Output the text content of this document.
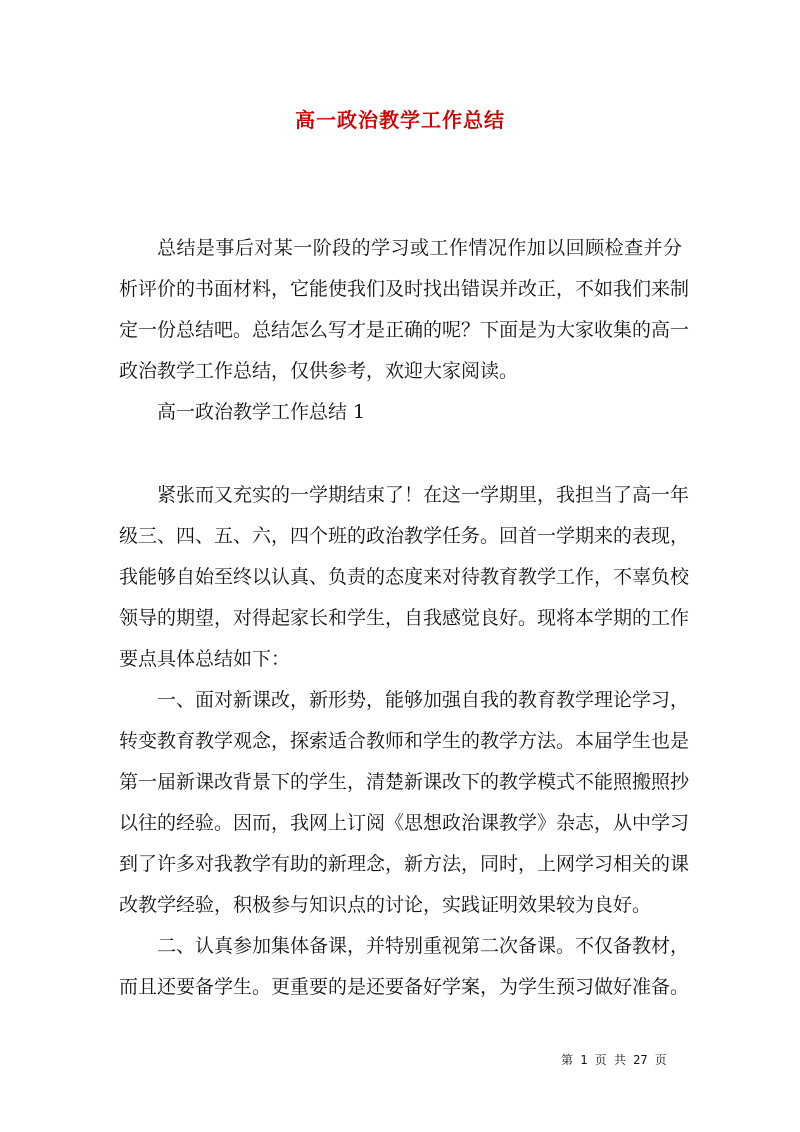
高一政治教学工作总结
总结是事后对某一阶段的学习或工作情况作加以回顾检查并分
析评价的书面材料，它能使我们及时找出错误并改正，不如我们来制
定一份总结吧。总结怎么写才是正确的呢？下面是为大家收集的高一
政治教学工作总结，仅供参考，欢迎大家阅读。
高一政治教学工作总结 1
紧张而又充实的一学期结束了！在这一学期里，我担当了高一年
级三、四、五、六，四个班的政治教学任务。回首一学期来的表现，
我能够自始至终以认真、负责的态度来对待教育教学工作，不辜负校
领导的期望，对得起家长和学生，自我感觉良好。现将本学期的工作
要点具体总结如下：
一、面对新课改，新形势，能够加强自我的教育教学理论学习，
转变教育教学观念，探索适合教师和学生的教学方法。本届学生也是
第一届新课改背景下的学生，清楚新课改下的教学模式不能照搬照抄
以往的经验。因而，我网上订阅《思想政治课教学》杂志，从中学习
到了许多对我教学有助的新理念，新方法，同时，上网学习相关的课
改教学经验，积极参与知识点的讨论，实践证明效果较为良好。
二、认真参加集体备课，并特别重视第二次备课。不仅备教材，
而且还要备学生。更重要的是还要备好学案，为学生预习做好准备。
第 1 页 共 27 页
